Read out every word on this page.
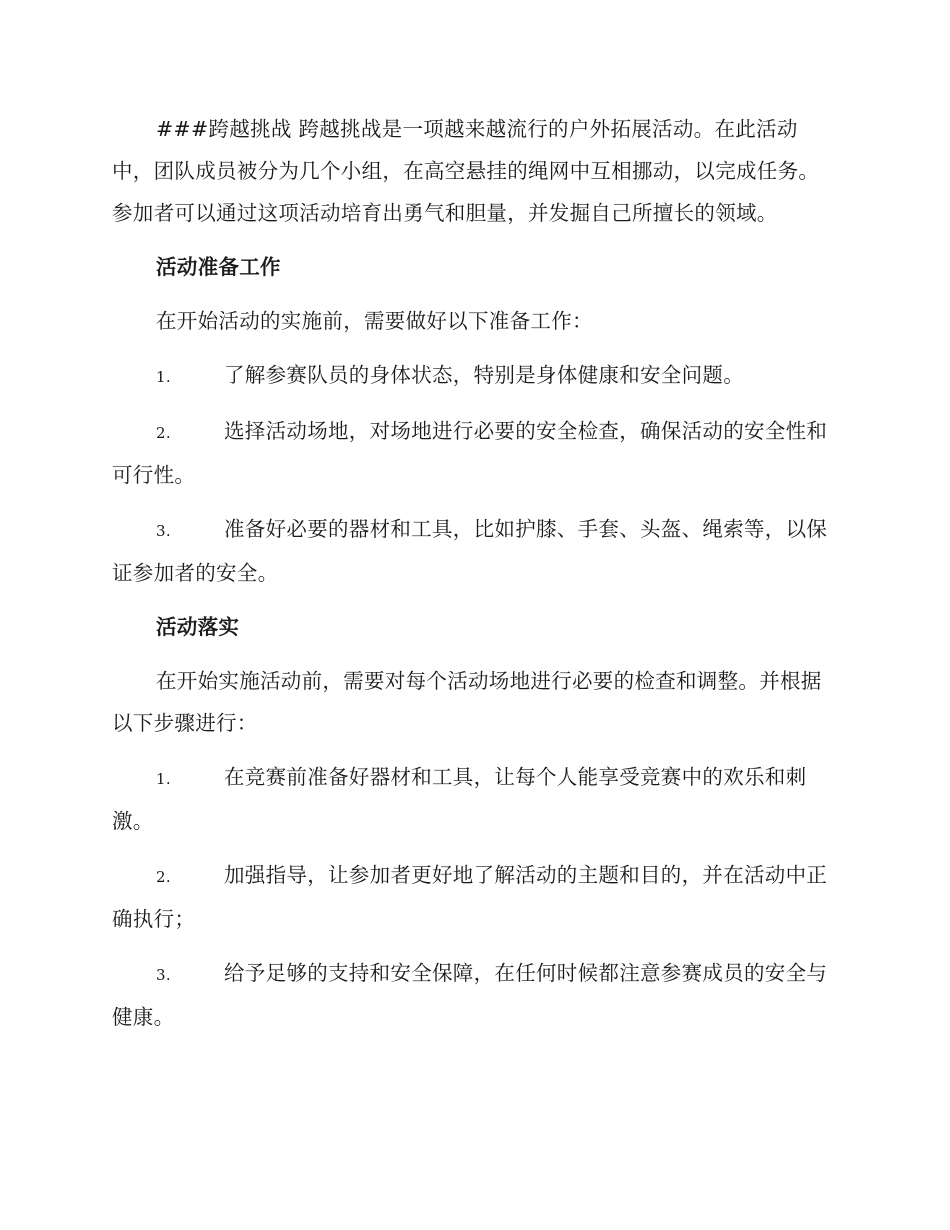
###跨越挑战 跨越挑战是一项越来越流行的户外拓展活动。在此活动中，团队成员被分为几个小组，在高空悬挂的绳网中互相挪动，以完成任务。参加者可以通过这项活动培育出勇气和胆量，并发掘自己所擅长的领域。

活动准备工作

在开始活动的实施前，需要做好以下准备工作：

1.	了解参赛队员的身体状态，特别是身体健康和安全问题。

2.	选择活动场地，对场地进行必要的安全检查，确保活动的安全性和可行性。

3.	准备好必要的器材和工具，比如护膝、手套、头盔、绳索等，以保证参加者的安全。

活动落实

在开始实施活动前，需要对每个活动场地进行必要的检查和调整。并根据以下步骤进行：

1.	在竞赛前准备好器材和工具，让每个人能享受竞赛中的欢乐和刺激。

2.	加强指导，让参加者更好地了解活动的主题和目的，并在活动中正确执行；

3.	给予足够的支持和安全保障，在任何时候都注意参赛成员的安全与健康。
